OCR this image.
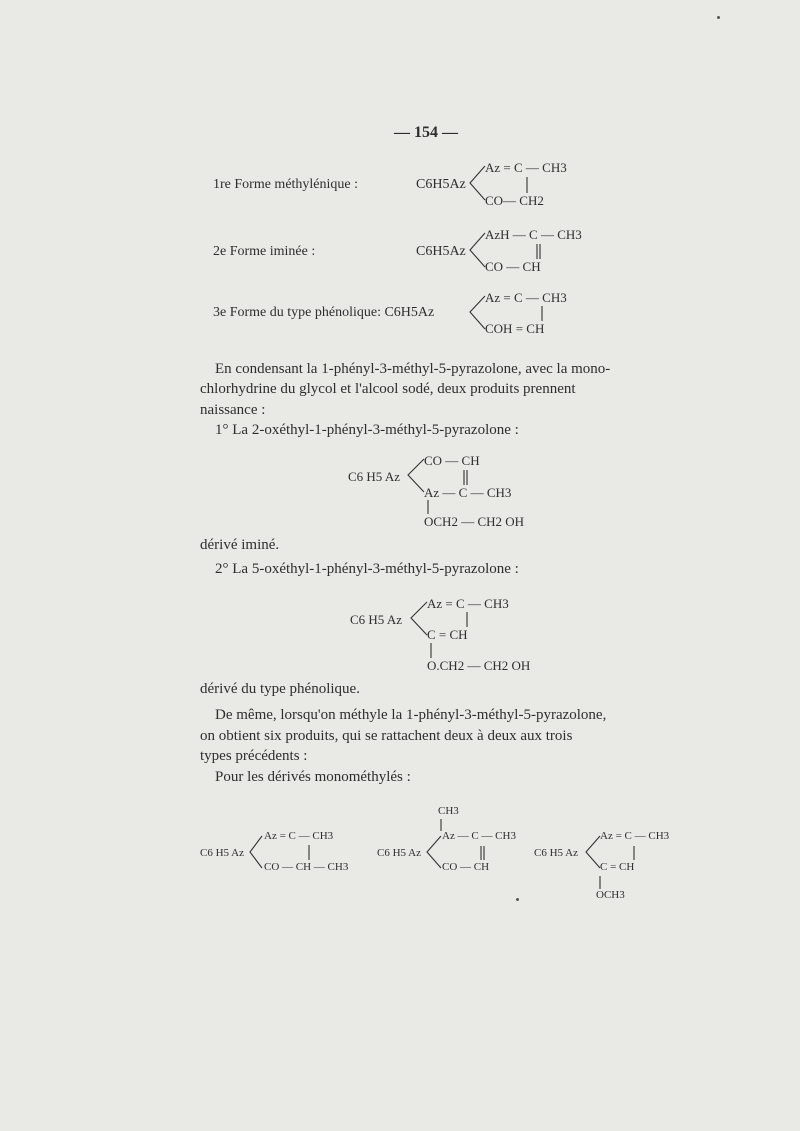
— 154 —
1re Forme méthylénique :	C6H5Az
Az = C — CH3
CO— CH2
2e Forme iminée :	C6H5Az
AzH — C — CH3
CO — CH
3e Forme du type phénolique: C6H5Az
Az = C — CH3
COH = CH
En condensant la 1-phényl-3-méthyl-5-pyrazolone, avec la mono-
chlorhydrine du glycol et l'alcool sodé, deux produits prennent
naissance :
1° La 2-oxéthyl-1-phényl-3-méthyl-5-pyrazolone :
C6 H5 Az
CO — CH
Az — C — CH3
OCH2 — CH2 OH
dérivé iminé.
2° La 5-oxéthyl-1-phényl-3-méthyl-5-pyrazolone :
C6 H5 Az
Az = C — CH3
C = CH
O.CH2 — CH2 OH
dérivé du type phénolique.
De même, lorsqu'on méthyle la 1-phényl-3-méthyl-5-pyrazolone,
on obtient six produits, qui se rattachent deux à deux aux trois
types précédents :
Pour les dérivés monométhylés :
C6 H5 Az
Az = C — CH3
CO — CH — CH3
CH3
C6 H5 Az
Az — C — CH3
CO — CH
C6 H5 Az
Az = C — CH3
C = CH
OCH3
